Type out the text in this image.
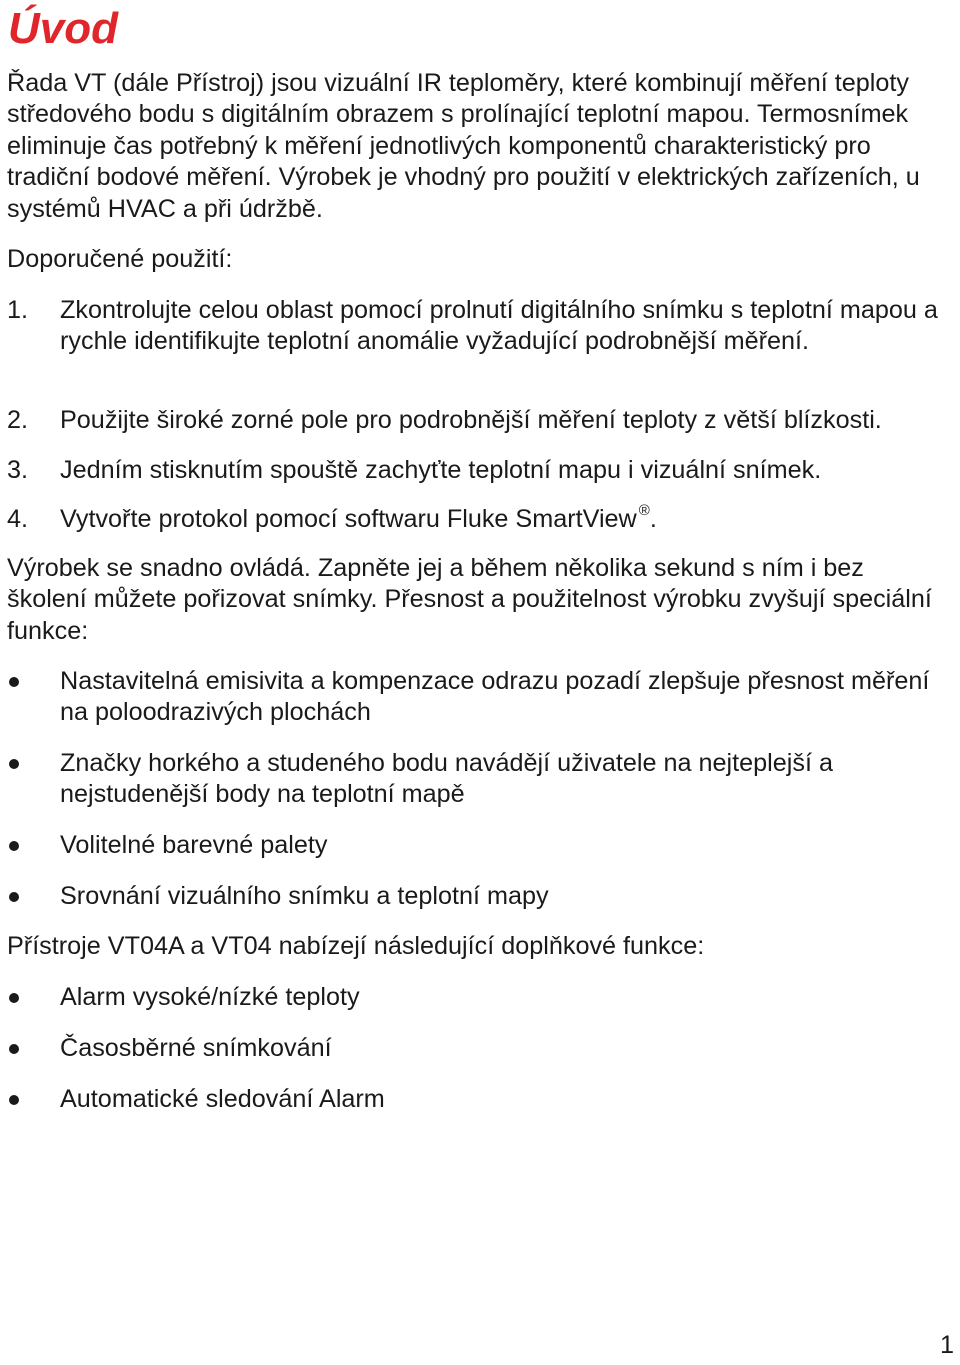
Úvod

Řada VT (dále Přístroj) jsou vizuální IR teploměry, které kombinují měření teploty středového bodu s digitálním obrazem s prolínající teplotní mapou. Termosnímek eliminuje čas potřebný k měření jednotlivých komponentů charakteristický pro tradiční bodové měření. Výrobek je vhodný pro použití v elektrických zařízeních, u systémů HVAC a při údržbě.

Doporučené použití:

1. Zkontrolujte celou oblast pomocí prolnutí digitálního snímku s teplotní mapou a rychle identifikujte teplotní anomálie vyžadující podrobnější měření.
2. Použijte široké zorné pole pro podrobnější měření teploty z větší blízkosti.
3. Jedním stisknutím spouště zachyťte teplotní mapu i vizuální snímek.
4. Vytvořte protokol pomocí softwaru Fluke SmartView ®.

Výrobek se snadno ovládá. Zapněte jej a během několika sekund s ním i bez školení můžete pořizovat snímky. Přesnost a použitelnost výrobku zvyšují speciální funkce:

Nastavitelná emisivita a kompenzace odrazu pozadí zlepšuje přesnost měření na poloodrazivých plochách
Značky horkého a studeného bodu navádějí uživatele na nejteplejší a nejstudenější body na teplotní mapě
Volitelné barevné palety
Srovnání vizuálního snímku a teplotní mapy

Přístroje VT04A a VT04 nabízejí následující doplňkové funkce:

Alarm vysoké/nízké teploty
Časosběrné snímkování
Automatické sledování Alarm
1
